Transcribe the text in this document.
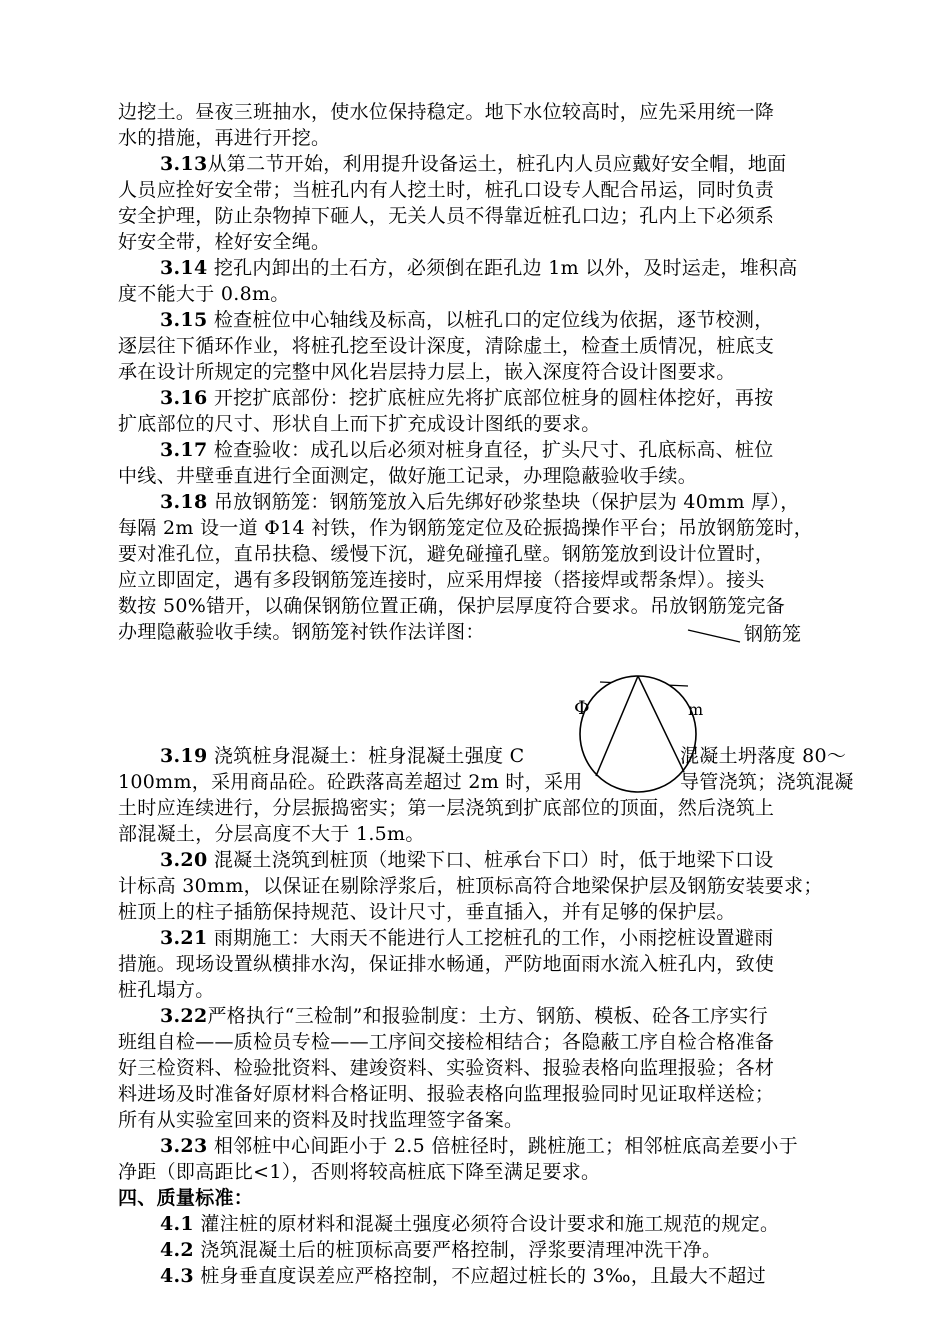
边挖土。昼夜三班抽水，使水位保持稳定。地下水位较高时，应先采用统一降
水的措施，再进行开挖。
3.13从第二节开始，利用提升设备运土，桩孔内人员应戴好安全帽，地面
人员应拴好安全带；当桩孔内有人挖土时，桩孔口设专人配合吊运，同时负责
安全护理，防止杂物掉下砸人，无关人员不得靠近桩孔口边；孔内上下必须系
好安全带，栓好安全绳。
3.14 挖孔内卸出的土石方，必须倒在距孔边 1m 以外，及时运走，堆积高
度不能大于 0.8m。
3.15 检查桩位中心轴线及标高，以桩孔口的定位线为依据，逐节校测，
逐层往下循环作业，将桩孔挖至设计深度，清除虚土，检查土质情况，桩底支
承在设计所规定的完整中风化岩层持力层上，嵌入深度符合设计图要求。
3.16 开挖扩底部份：挖扩底桩应先将扩底部位桩身的圆柱体挖好，再按
扩底部位的尺寸、形状自上而下扩充成设计图纸的要求。
3.17 检查验收：成孔以后必须对桩身直径，扩头尺寸、孔底标高、桩位
中线、井壁垂直进行全面测定，做好施工记录，办理隐蔽验收手续。
3.18 吊放钢筋笼：钢筋笼放入后先绑好砂浆垫块（保护层为 40mm 厚），
每隔 2m 设一道 Φ14 衬铁，作为钢筋笼定位及砼振捣操作平台；吊放钢筋笼时，
要对准孔位，直吊扶稳、缓慢下沉，避免碰撞孔壁。钢筋笼放到设计位置时，
应立即固定，遇有多段钢筋笼连接时，应采用焊接（搭接焊或帮条焊）。接头
数按 50%错开，以确保钢筋位置正确，保护层厚度符合要求。吊放钢筋笼完备
办理隐蔽验收手续。钢筋笼衬铁作法详图：	钢筋笼
Φ	m
3.19 浇筑桩身混凝土：桩身混凝土强度 C	混凝土坍落度 80～
100mm，采用商品砼。砼跌落高差超过 2m 时，采用	导管浇筑；浇筑混凝
土时应连续进行，分层振捣密实；第一层浇筑到扩底部位的顶面，然后浇筑上
部混凝土，分层高度不大于 1.5m。
3.20 混凝土浇筑到桩顶（地梁下口、桩承台下口）时，低于地梁下口设
计标高 30mm，以保证在剔除浮浆后，桩顶标高符合地梁保护层及钢筋安装要求；
桩顶上的柱子插筋保持规范、设计尺寸，垂直插入，并有足够的保护层。
3.21 雨期施工：大雨天不能进行人工挖桩孔的工作，小雨挖桩设置避雨
措施。现场设置纵横排水沟，保证排水畅通，严防地面雨水流入桩孔内，致使
桩孔塌方。
3.22严格执行“三检制”和报验制度：土方、钢筋、模板、砼各工序实行
班组自检——质检员专检——工序间交接检相结合；各隐蔽工序自检合格准备
好三检资料、检验批资料、建竣资料、实验资料、报验表格向监理报验；各材
料进场及时准备好原材料合格证明、报验表格向监理报验同时见证取样送检；
所有从实验室回来的资料及时找监理签字备案。
3.23 相邻桩中心间距小于 2.5 倍桩径时，跳桩施工；相邻桩底高差要小于
净距（即高距比<1），否则将较高桩底下降至满足要求。
四、质量标准：
4.1 灌注桩的原材料和混凝土强度必须符合设计要求和施工规范的规定。
4.2 浇筑混凝土后的桩顶标高要严格控制，浮浆要清理冲洗干净。
4.3 桩身垂直度误差应严格控制，不应超过桩长的 3‰，且最大不超过
